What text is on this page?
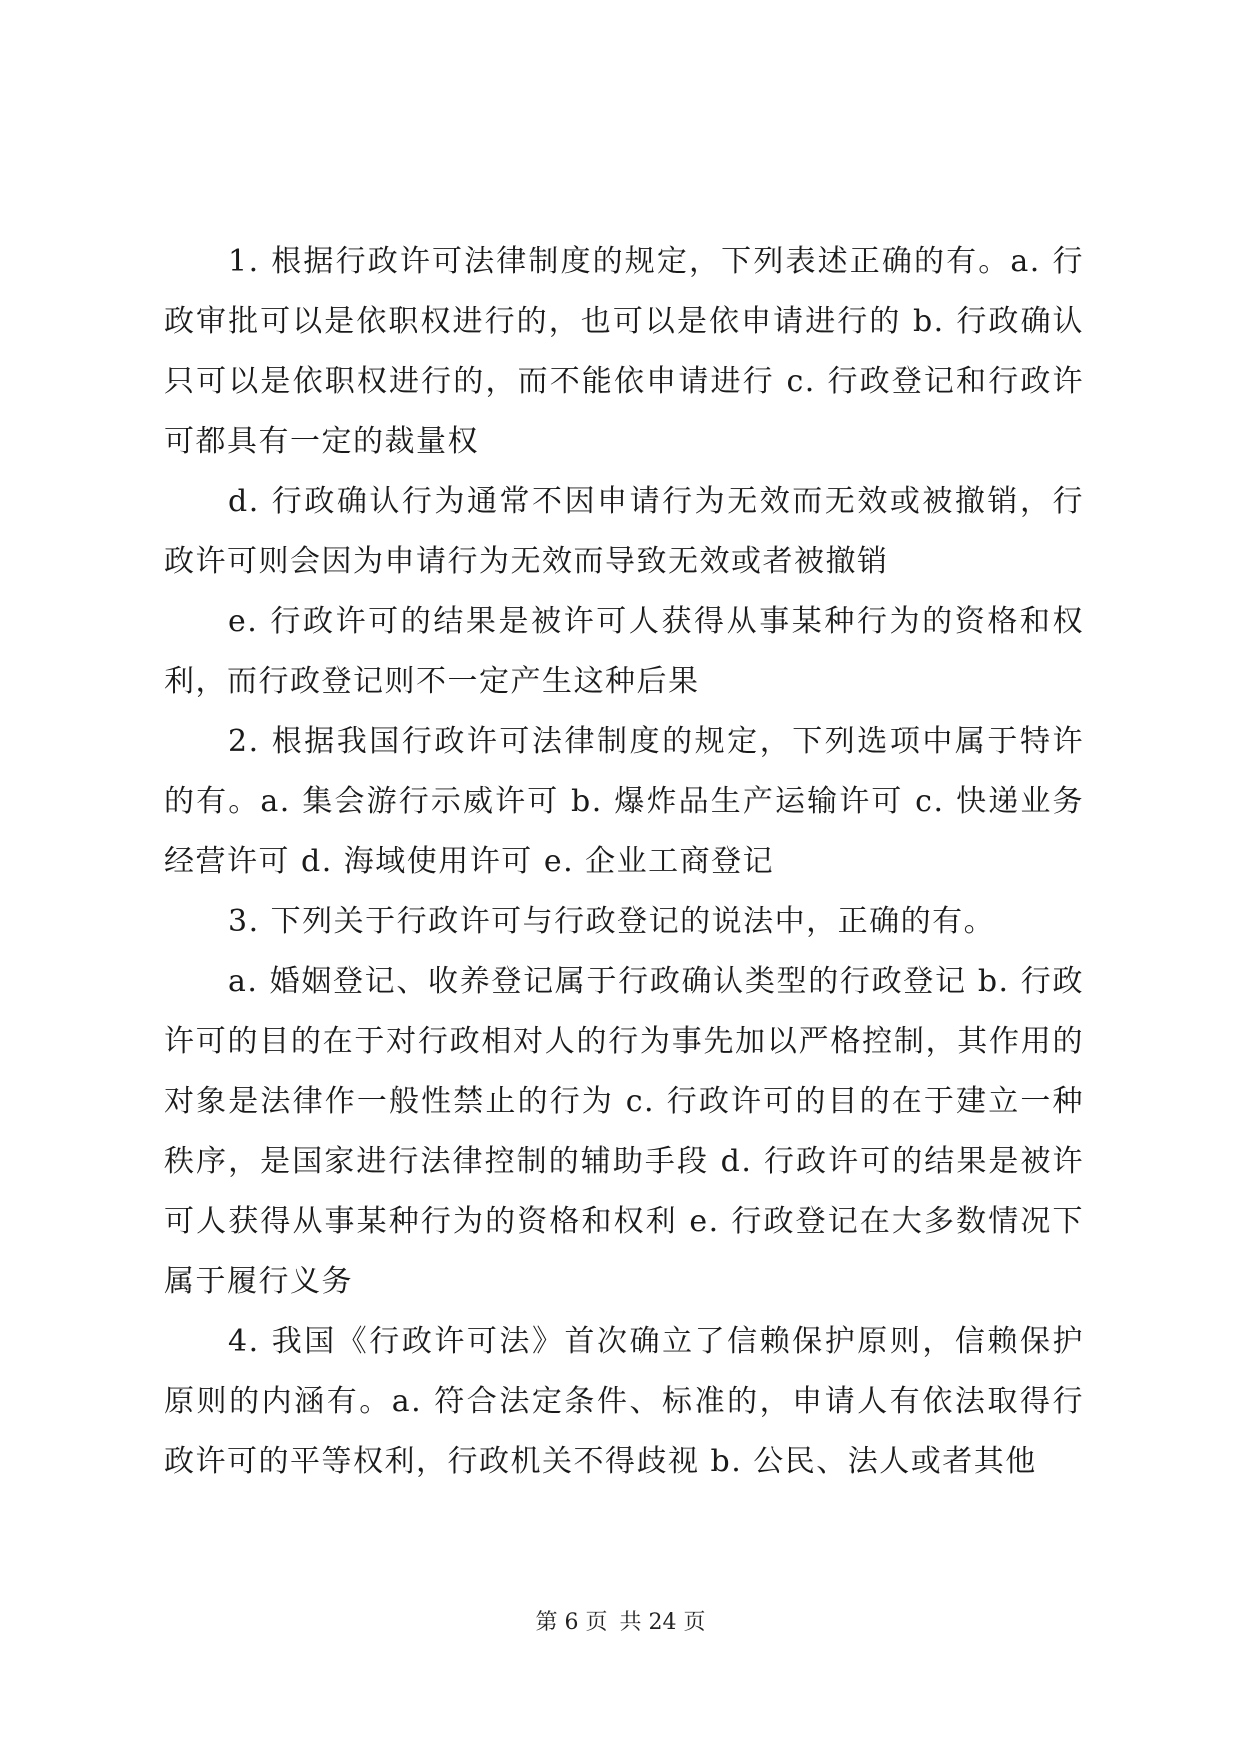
1. 根据行政许可法律制度的规定，下列表述正确的有。a. 行政审批可以是依职权进行的，也可以是依申请进行的 b. 行政确认只可以是依职权进行的，而不能依申请进行 c. 行政登记和行政许可都具有一定的裁量权

d. 行政确认行为通常不因申请行为无效而无效或被撤销，行政许可则会因为申请行为无效而导致无效或者被撤销

e. 行政许可的结果是被许可人获得从事某种行为的资格和权利，而行政登记则不一定产生这种后果

2. 根据我国行政许可法律制度的规定，下列选项中属于特许的有。a. 集会游行示威许可 b. 爆炸品生产运输许可 c. 快递业务经营许可 d. 海域使用许可 e. 企业工商登记

3. 下列关于行政许可与行政登记的说法中，正确的有。

a. 婚姻登记、收养登记属于行政确认类型的行政登记 b. 行政许可的目的在于对行政相对人的行为事先加以严格控制，其作用的对象是法律作一般性禁止的行为 c. 行政许可的目的在于建立一种秩序，是国家进行法律控制的辅助手段 d. 行政许可的结果是被许可人获得从事某种行为的资格和权利 e. 行政登记在大多数情况下属于履行义务

4. 我国《行政许可法》首次确立了信赖保护原则，信赖保护原则的内涵有。a. 符合法定条件、标准的，申请人有依法取得行政许可的平等权利，行政机关不得歧视 b. 公民、法人或者其他

第 6 页 共 24 页
